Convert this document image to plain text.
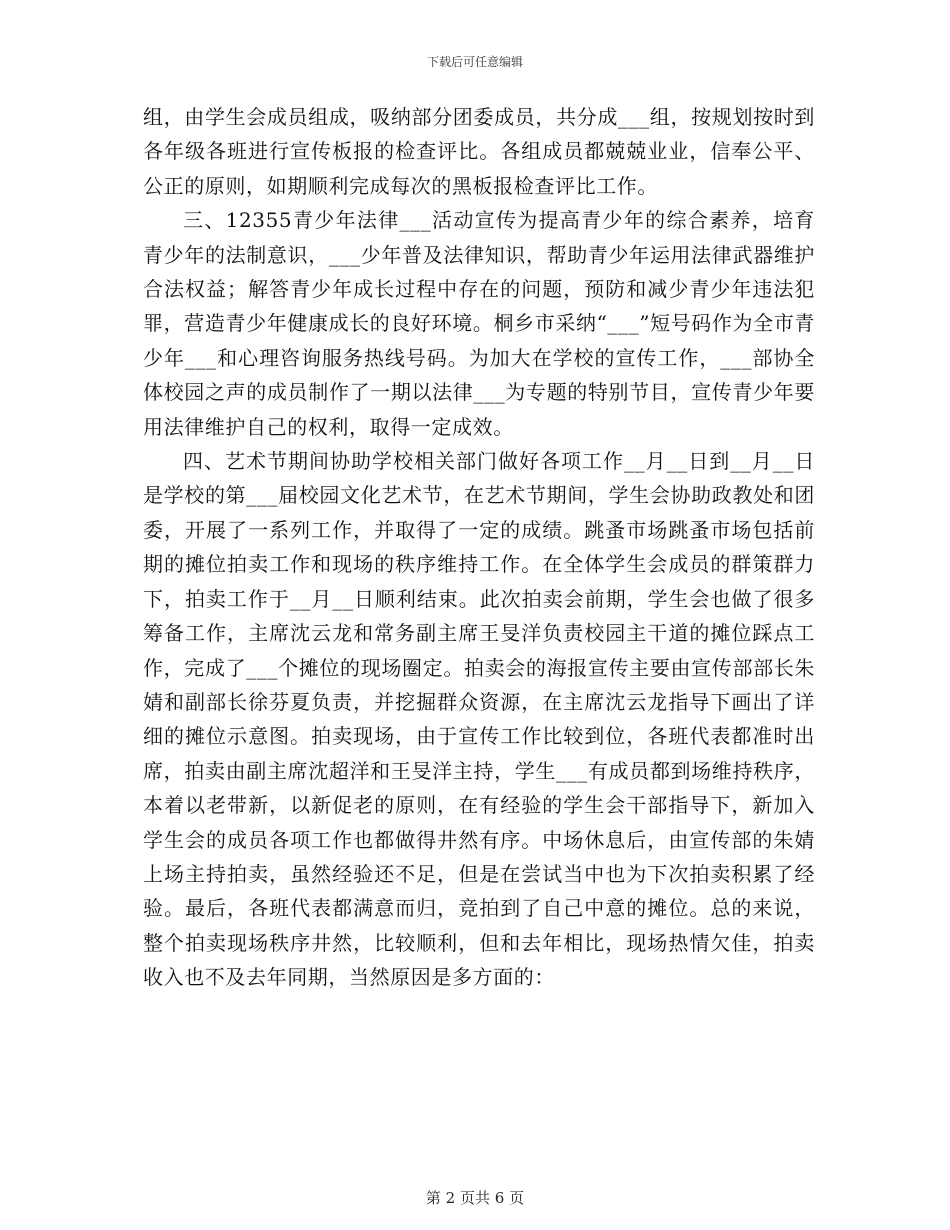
下载后可任意编辑

组，由学生会成员组成，吸纳部分团委成员，共分成___组，按规划按时到各年级各班进行宣传板报的检查评比。各组成员都兢兢业业，信奉公平、公正的原则，如期顺利完成每次的黑板报检查评比工作。

三、12355青少年法律___活动宣传为提高青少年的综合素养，培育青少年的法制意识，___少年普及法律知识，帮助青少年运用法律武器维护合法权益；解答青少年成长过程中存在的问题，预防和减少青少年违法犯罪，营造青少年健康成长的良好环境。桐乡市采纳“___”短号码作为全市青少年___和心理咨询服务热线号码。为加大在学校的宣传工作，___部协全体校园之声的成员制作了一期以法律___为专题的特别节目，宣传青少年要用法律维护自己的权利，取得一定成效。

四、艺术节期间协助学校相关部门做好各项工作__月__日到__月__日是学校的第___届校园文化艺术节，在艺术节期间，学生会协助政教处和团委，开展了一系列工作，并取得了一定的成绩。跳蚤市场跳蚤市场包括前期的摊位拍卖工作和现场的秩序维持工作。在全体学生会成员的群策群力下，拍卖工作于__月__日顺利结束。此次拍卖会前期，学生会也做了很多筹备工作，主席沈云龙和常务副主席王旻洋负责校园主干道的摊位踩点工作，完成了___个摊位的现场圈定。拍卖会的海报宣传主要由宣传部部长朱婧和副部长徐芬夏负责，并挖掘群众资源，在主席沈云龙指导下画出了详细的摊位示意图。拍卖现场，由于宣传工作比较到位，各班代表都准时出席，拍卖由副主席沈超洋和王旻洋主持，学生___有成员都到场维持秩序，本着以老带新，以新促老的原则，在有经验的学生会干部指导下，新加入学生会的成员各项工作也都做得井然有序。中场休息后，由宣传部的朱婧上场主持拍卖，虽然经验还不足，但是在尝试当中也为下次拍卖积累了经验。最后，各班代表都满意而归，竞拍到了自己中意的摊位。总的来说，整个拍卖现场秩序井然，比较顺利，但和去年相比，现场热情欠佳，拍卖收入也不及去年同期，当然原因是多方面的：

第 2 页共 6 页
